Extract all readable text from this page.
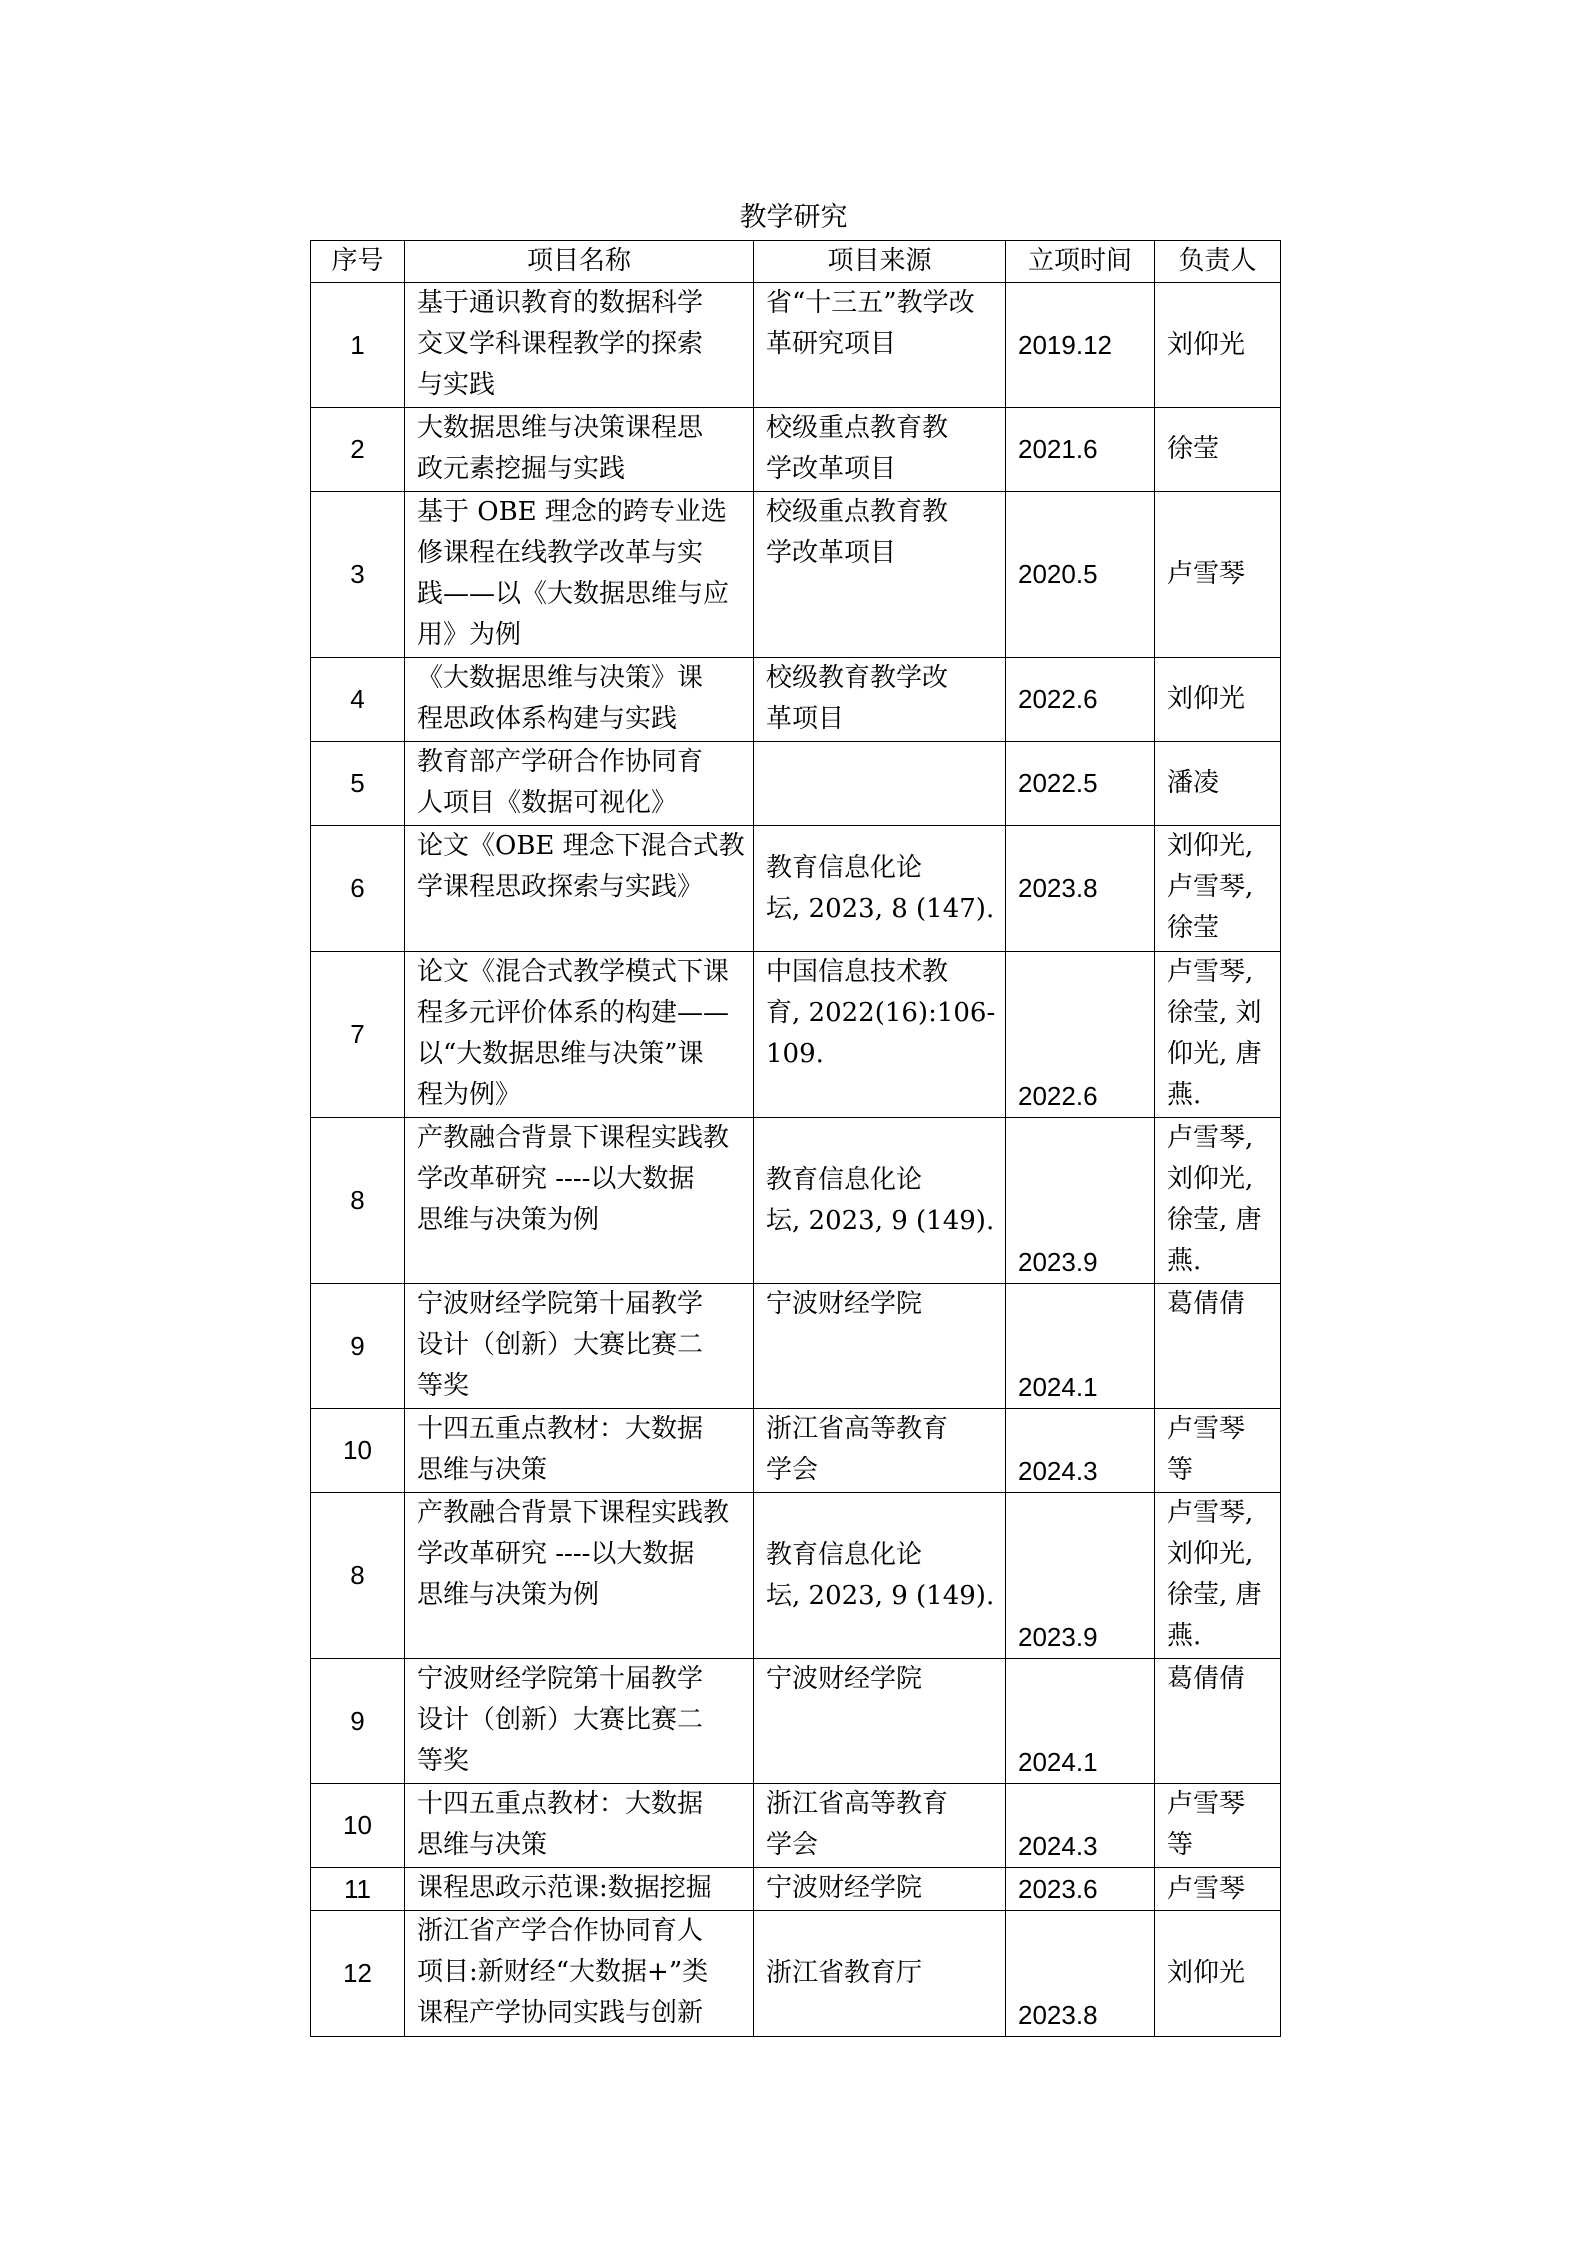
教学研究
序号	项目名称	项目来源	立项时间	负责人
1	基于通识教育的数据科学
交叉学科课程教学的探索
与实践	省“十三五”教学改
革研究项目	2019.12	刘仰光

2	大数据思维与决策课程思
政元素挖掘与实践	校级重点教育教
学改革项目	2021.6	徐莹

3	基于 OBE 理念的跨专业选
修课程在线教学改革与实
践——以《大数据思维与应
用》为例	校级重点教育教
学改革项目	2020.5	卢雪琴

4	《大数据思维与决策》课
程思政体系构建与实践	校级教育教学改
革项目	2022.6	刘仰光

5	教育部产学研合作协同育
人项目《数据可视化》		2022.5	潘凌

6	论文《OBE 理念下混合式教
学课程思政探索与实践》	教育信息化论
坛, 2023, 8 (147).	2023.8	刘仰光,
卢雪琴,
徐莹

7	论文《混合式教学模式下课
程多元评价体系的构建——
以“大数据思维与决策”课
程为例》	中国信息技术教
育, 2022(16):106-
109.	2022.6	卢雪琴,
徐莹, 刘
仰光, 唐
燕.

8	产教融合背景下课程实践教
学改革研究 ----以大数据
思维与决策为例	教育信息化论
坛, 2023, 9 (149).	2023.9	卢雪琴,
刘仰光,
徐莹, 唐
燕.

9	宁波财经学院第十届教学
设计（创新）大赛比赛二
等奖	宁波财经学院	2024.1	葛倩倩

10	十四五重点教材：大数据
思维与决策	浙江省高等教育
学会	2024.3	卢雪琴
等

8	产教融合背景下课程实践教
学改革研究 ----以大数据
思维与决策为例	教育信息化论
坛, 2023, 9 (149).	2023.9	卢雪琴,
刘仰光,
徐莹, 唐
燕.

9	宁波财经学院第十届教学
设计（创新）大赛比赛二
等奖	宁波财经学院	2024.1	葛倩倩

10	十四五重点教材：大数据
思维与决策	浙江省高等教育
学会	2024.3	卢雪琴
等

11	课程思政示范课:数据挖掘	宁波财经学院	2023.6	卢雪琴

12	浙江省产学合作协同育人
项目:新财经“大数据+”类
课程产学协同实践与创新	浙江省教育厅	2023.8	刘仰光
